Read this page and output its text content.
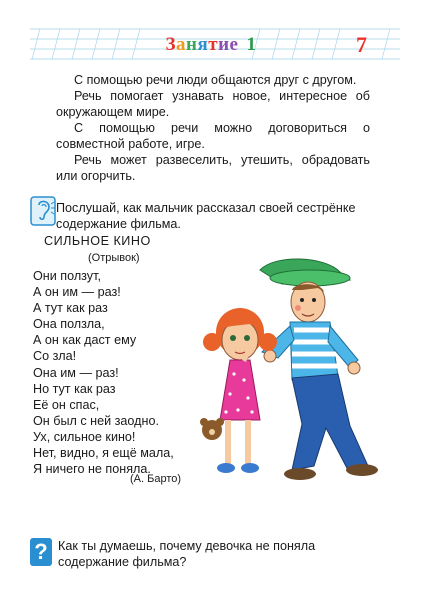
Занятие 1	7

С помощью речи люди общаются друг с другом.

Речь помогает узнавать новое, интересное об окружающем мире.

С помощью речи можно договориться о совместной работе, игре.

Речь может развеселить, утешить, обрадовать или огорчить.

Послушай, как мальчик рассказал своей сестрёнке содержание фильма.
СИЛЬНОЕ КИНО
(Отрывок)
Они ползут,
А он им — раз!
А тут как раз
Она ползла,
А он как даст ему
Со зла!
Она им — раз!
Но тут как раз
Её он спас,
Он был с ней заодно.
Ух, сильное кино!
Нет, видно, я ещё мала,
Я ничего не поняла.
(А. Барто)
? Как ты думаешь, почему девочка не поняла содержание фильма?
